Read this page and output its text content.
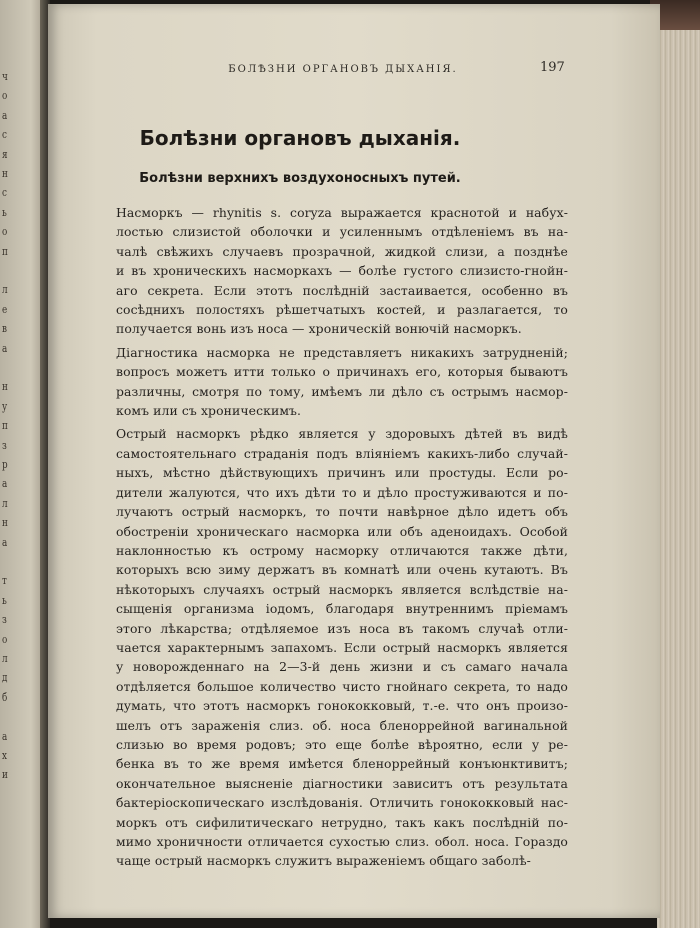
ч
о
а
с
я
н
с
ь
о
п
л
е
в
а
н
у
п
з
р
а
л
н
а
т
ь
з
о
л
д
б
а
х
и
БОЛѢЗНИ ОРГАНОВЪ ДЫХАНІЯ.	197
Болѣзни органовъ дыханія.
Болѣзни верхнихъ воздухоносныхъ путей.
Насморкъ — rhynitis s. coryza выражается краснотой и набух-
лостью слизистой оболочки и усиленнымъ отдѣленіемъ въ на-
чалѣ свѣжихъ случаевъ прозрачной, жидкой слизи, а позднѣе
и въ хроническихъ насморкахъ — болѣе густого слизисто-гнойн-
аго секрета. Если этотъ послѣдній застаивается, особенно въ
сосѣднихъ полостяхъ рѣшетчатыхъ костей, и разлагается, то
получается вонь изъ носа — хроническій вонючій насморкъ.
Діагностика насморка не представляетъ никакихъ затрудненій;
вопросъ можетъ итти только о причинахъ его, которыя бываютъ
различны, смотря по тому, имѣемъ ли дѣло съ острымъ насмор-
комъ или съ хроническимъ.
Острый насморкъ рѣдко является у здоровыхъ дѣтей въ видѣ
самостоятельнаго страданія подъ вліяніемъ какихъ-либо случай-
ныхъ, мѣстно дѣйствующихъ причинъ или простуды. Если ро-
дители жалуются, что ихъ дѣти то и дѣло простуживаются и по-
лучаютъ острый насморкъ, то почти навѣрное дѣло идетъ объ
обостреніи хроническаго насморка или объ аденоидахъ. Особой
наклонностью къ острому насморку отличаются также дѣти,
которыхъ всю зиму держатъ въ комнатѣ или очень кутаютъ. Въ
нѣкоторыхъ случаяхъ острый насморкъ является вслѣдствіе на-
сыщенія организма іодомъ, благодаря внутреннимъ пріемамъ
этого лѣкарства; отдѣляемое изъ носа въ такомъ случаѣ отли-
чается характернымъ запахомъ. Если острый насморкъ является
у новорожденнаго на 2—3-й день жизни и съ самаго начала
отдѣляется большое количество чисто гнойнаго секрета, то надо
думать, что этотъ насморкъ гонококковый, т.-е. что онъ произо-
шелъ отъ зараженія слиз. об. носа бленоррейной вагинальной
слизью во время родовъ; это еще болѣе вѣроятно, если у ре-
бенка въ то же время имѣется бленоррейный конъюнктивитъ;
окончательное выясненіе діагностики зависитъ отъ результата
бактеріоскопическаго изслѣдованія. Отличить гонококковый нас-
моркъ отъ сифилитическаго нетрудно, такъ какъ послѣдній по-
мимо хроничности отличается сухостью слиз. обол. носа. Гораздо
чаще острый насморкъ служитъ выраженіемъ общаго заболѣ-
